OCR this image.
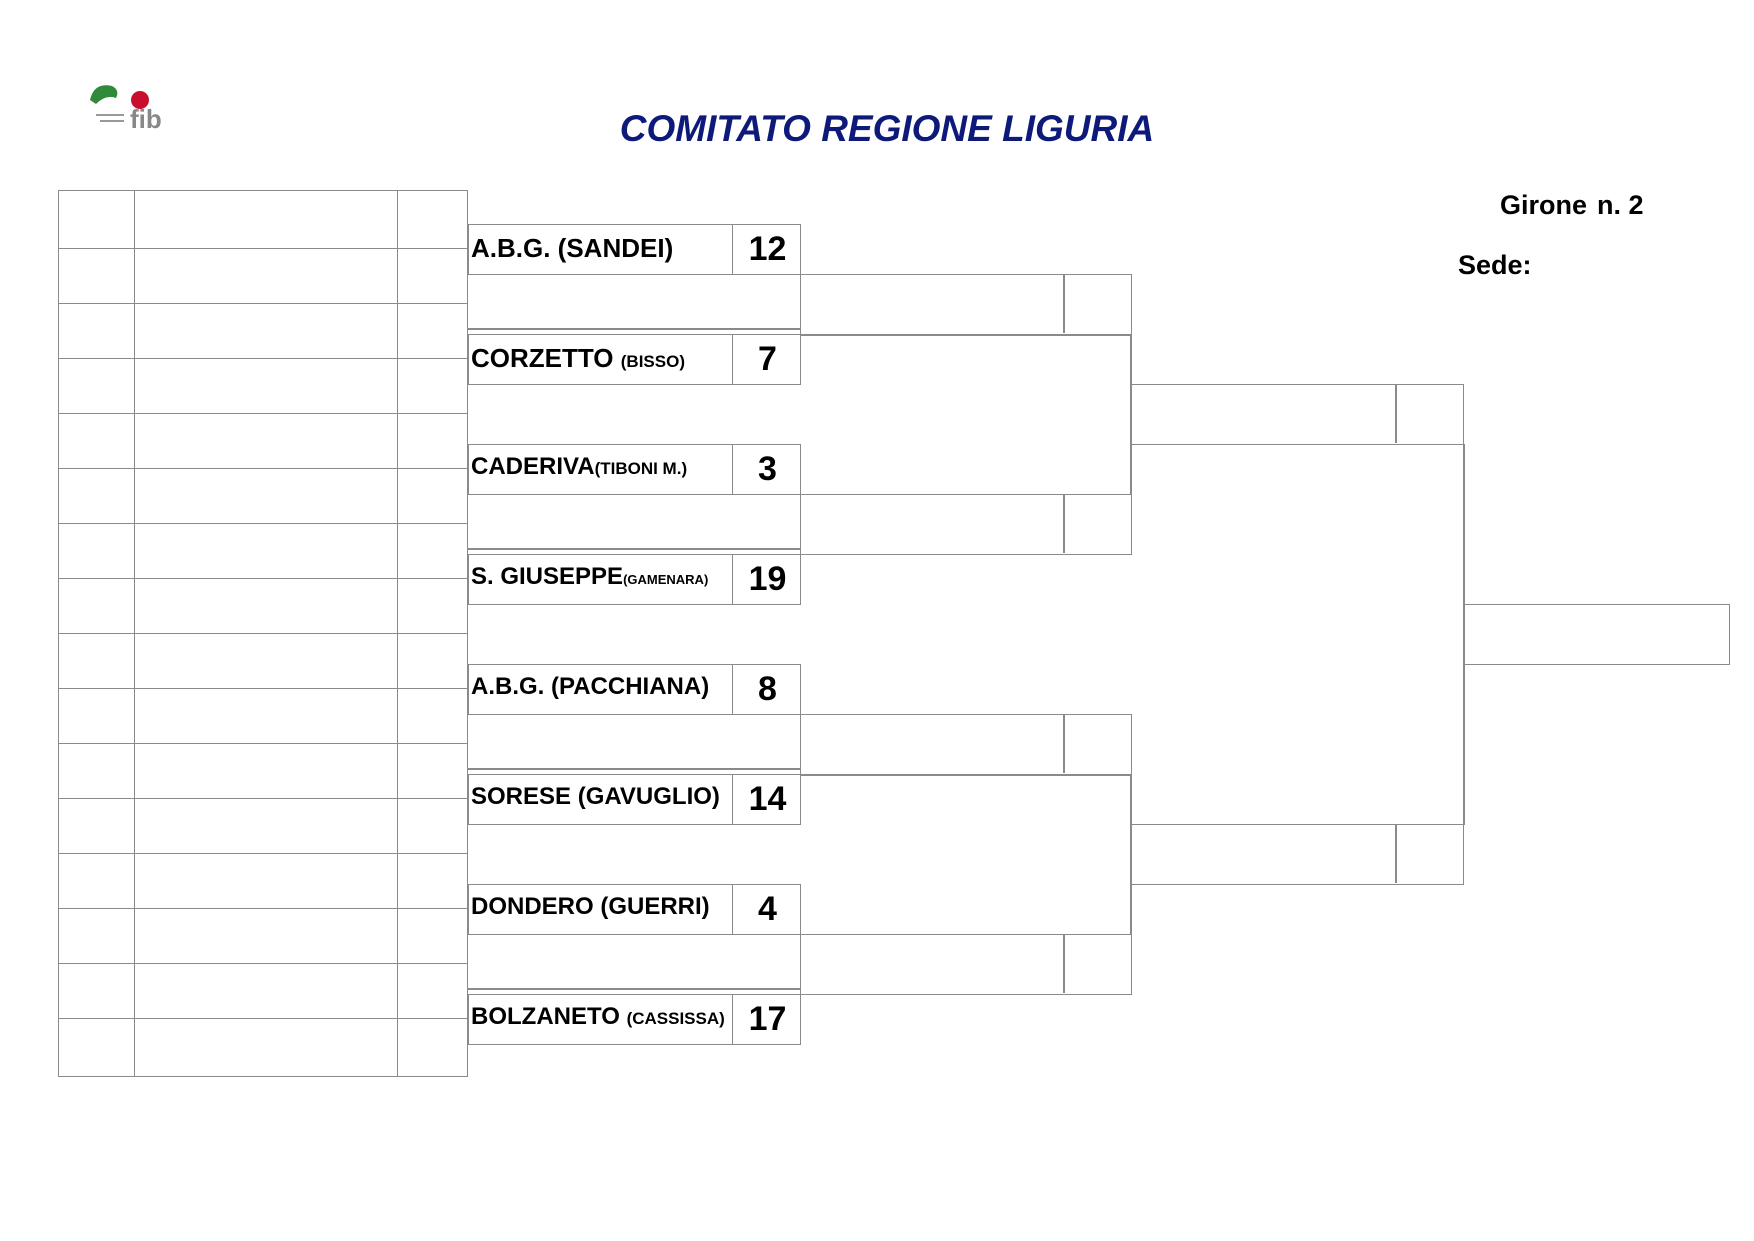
fib	COMITATO REGIONE LIGURIA
Girone n. 2
Sede:
A.B.G. (SANDEI)	12
CORZETTO (BISSO)	7
CADERIVA(TIBONI M.)	3
S. GIUSEPPE(GAMENARA)	19
A.B.G. (PACCHIANA)	8
SORESE (GAVUGLIO) 14
DONDERO (GUERRI)	4
BOLZANETO (CASSISSA) 17
